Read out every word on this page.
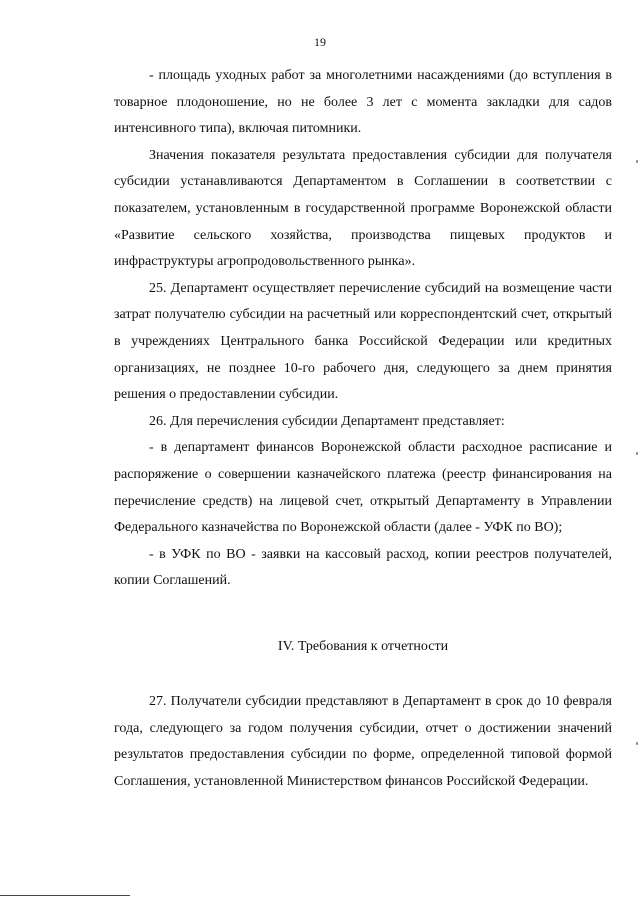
19

- площадь уходных работ за многолетними насаждениями (до вступления в товарное плодоношение, но не более 3 лет с момента закладки для садов интенсивного типа), включая питомники.

Значения показателя результата предоставления субсидии для получателя субсидии устанавливаются Департаментом в Соглашении в соответствии с показателем, установленным в государственной программе Воронежской области «Развитие сельского хозяйства, производства пищевых продуктов и инфраструктуры агропродовольственного рынка».

25. Департамент осуществляет перечисление субсидий на возмещение части затрат получателю субсидии на расчетный или корреспондентский счет, открытый в учреждениях Центрального банка Российской Федерации или кредитных организациях, не позднее 10-го рабочего дня, следующего за днем принятия решения о предоставлении субсидии.

26. Для перечисления субсидии Департамент представляет:

- в департамент финансов Воронежской области расходное расписание и распоряжение о совершении казначейского платежа (реестр финансирования на перечисление средств) на лицевой счет, открытый Департаменту в Управлении Федерального казначейства по Воронежской области (далее - УФК по ВО);

- в УФК по ВО - заявки на кассовый расход, копии реестров получателей, копии Соглашений.

IV. Требования к отчетности

27. Получатели субсидии представляют в Департамент в срок до 10 февраля года, следующего за годом получения субсидии, отчет о достижении значений результатов предоставления субсидии по форме, определенной типовой формой Соглашения, установленной Министерством финансов Российской Федерации.
